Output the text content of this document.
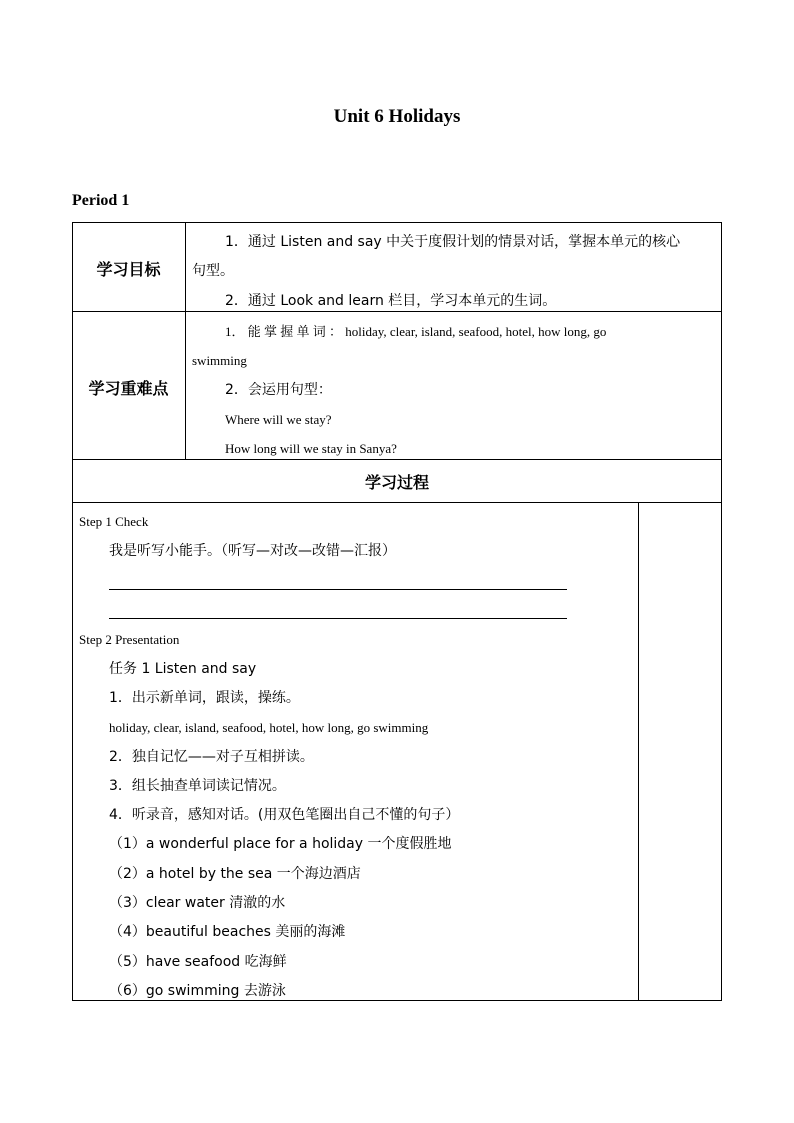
Unit 6 Holidays
Period 1
学习目标
1．通过 Listen and say 中关于度假计划的情景对话，掌握本单元的核心
句型。
2．通过 Look and learn 栏目，学习本单元的生词。
学习重难点
1． 能 掌 握 单 词 ： holiday, clear, island, seafood, hotel, how long, go
swimming
2．会运用句型：
Where will we stay?
How long will we stay in Sanya?
学习过程
Step 1 Check
我是听写小能手。（听写—对改—改错—汇报）
Step 2 Presentation
任务 1 Listen and say
1．出示新单词，跟读，操练。
holiday, clear, island, seafood, hotel, how long, go swimming
2．独自记忆——对子互相拼读。
3．组长抽查单词读记情况。
4．听录音，感知对话。(用双色笔圈出自己不懂的句子）
（1）a wonderful place for a holiday 一个度假胜地
（2）a hotel by the sea 一个海边酒店
（3）clear water 清澈的水
（4）beautiful beaches 美丽的海滩
（5）have seafood 吃海鲜
（6）go swimming 去游泳
